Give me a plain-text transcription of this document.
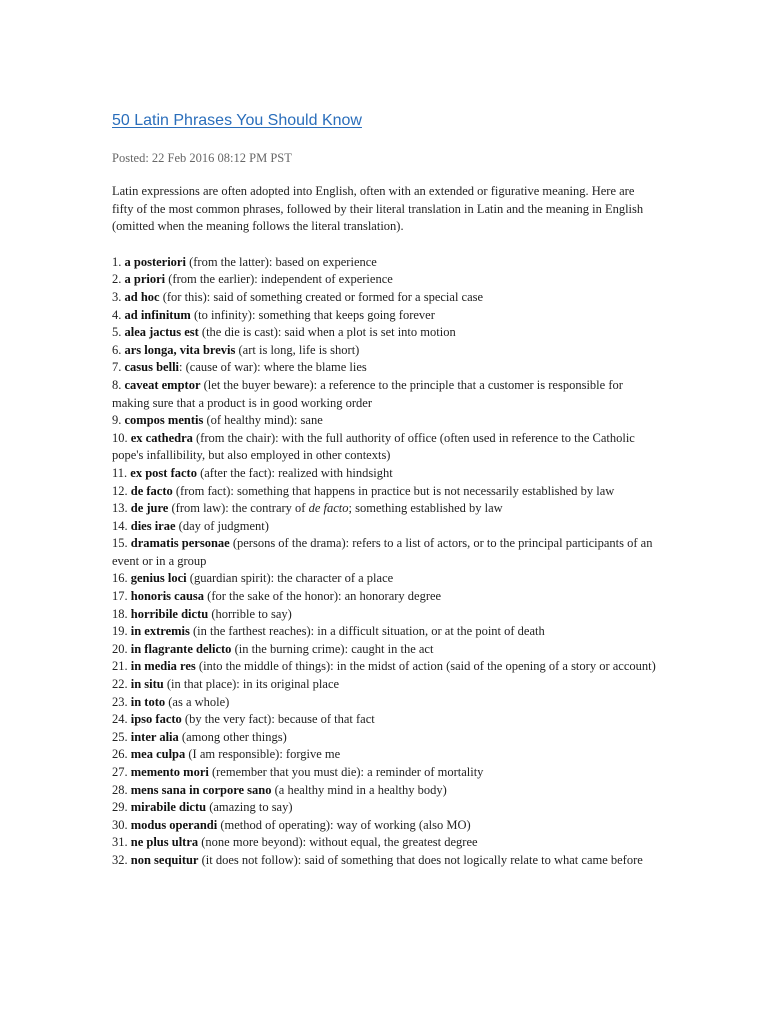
50 Latin Phrases You Should Know
Posted: 22 Feb 2016 08:12 PM PST
Latin expressions are often adopted into English, often with an extended or figurative meaning. Here are fifty of the most common phrases, followed by their literal translation in Latin and the meaning in English (omitted when the meaning follows the literal translation).
1. a posteriori (from the latter): based on experience
2. a priori (from the earlier): independent of experience
3. ad hoc (for this): said of something created or formed for a special case
4. ad infinitum (to infinity): something that keeps going forever
5. alea jactus est (the die is cast): said when a plot is set into motion
6. ars longa, vita brevis (art is long, life is short)
7. casus belli: (cause of war): where the blame lies
8. caveat emptor (let the buyer beware): a reference to the principle that a customer is responsible for making sure that a product is in good working order
9. compos mentis (of healthy mind): sane
10. ex cathedra (from the chair): with the full authority of office (often used in reference to the Catholic pope's infallibility, but also employed in other contexts)
11. ex post facto (after the fact): realized with hindsight
12. de facto (from fact): something that happens in practice but is not necessarily established by law
13. de jure (from law): the contrary of de facto; something established by law
14. dies irae (day of judgment)
15. dramatis personae (persons of the drama): refers to a list of actors, or to the principal participants of an event or in a group
16. genius loci (guardian spirit): the character of a place
17. honoris causa (for the sake of the honor): an honorary degree
18. horribile dictu (horrible to say)
19. in extremis (in the farthest reaches): in a difficult situation, or at the point of death
20. in flagrante delicto (in the burning crime): caught in the act
21. in media res (into the middle of things): in the midst of action (said of the opening of a story or account)
22. in situ (in that place): in its original place
23. in toto (as a whole)
24. ipso facto (by the very fact): because of that fact
25. inter alia (among other things)
26. mea culpa (I am responsible): forgive me
27. memento mori (remember that you must die): a reminder of mortality
28. mens sana in corpore sano (a healthy mind in a healthy body)
29. mirabile dictu (amazing to say)
30. modus operandi (method of operating): way of working (also MO)
31. ne plus ultra (none more beyond): without equal, the greatest degree
32. non sequitur (it does not follow): said of something that does not logically relate to what came before
